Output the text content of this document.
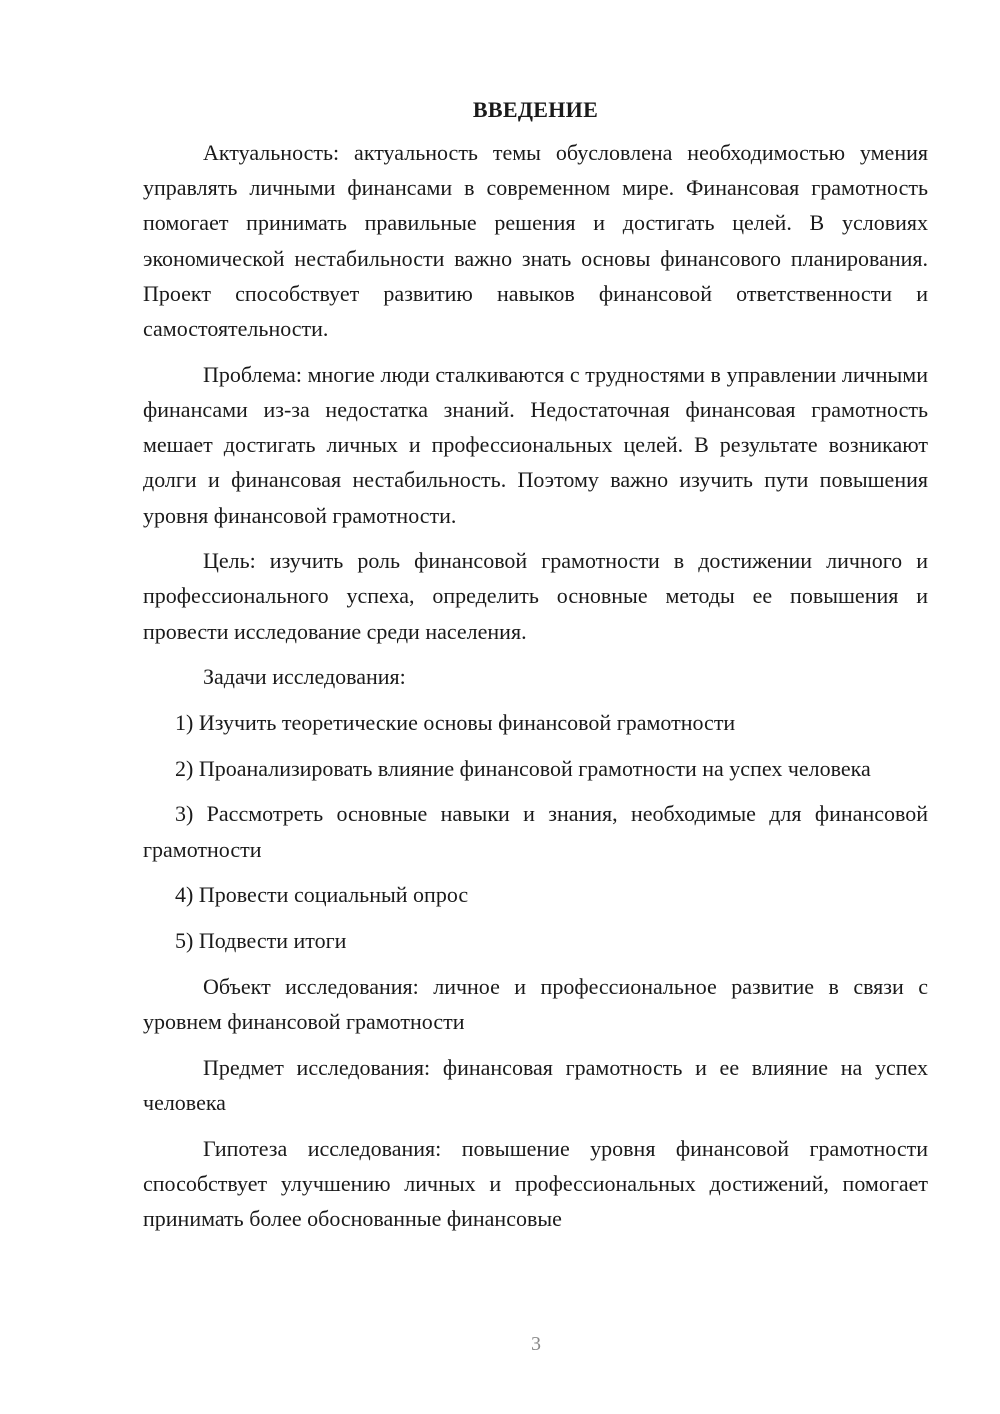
ВВЕДЕНИЕ

Актуальность: актуальность темы обусловлена необходимостью умения управлять личными финансами в современном мире. Финансовая грамотность помогает принимать правильные решения и достигать целей. В условиях экономической нестабильности важно знать основы финансового планирования. Проект способствует развитию навыков финансовой ответственности и самостоятельности.

Проблема: многие люди сталкиваются с трудностями в управлении личными финансами из-за недостатка знаний. Недостаточная финансовая грамотность мешает достигать личных и профессиональных целей. В результате возникают долги и финансовая нестабильность. Поэтому важно изучить пути повышения уровня финансовой грамотности.

Цель: изучить роль финансовой грамотности в достижении личного и профессионального успеха, определить основные методы ее повышения и провести исследование среди населения.

Задачи исследования:

1) Изучить теоретические основы финансовой грамотности

2) Проанализировать влияние финансовой грамотности на успех человека

3) Рассмотреть основные навыки и знания, необходимые для финансовой грамотности

4) Провести социальный опрос

5) Подвести итоги

Объект исследования: личное и профессиональное развитие в связи с уровнем финансовой грамотности

Предмет исследования: финансовая грамотность и ее влияние на успех человека

Гипотеза исследования: повышение уровня финансовой грамотности способствует улучшению личных и профессиональных достижений, помогает принимать более обоснованные финансовые

3
